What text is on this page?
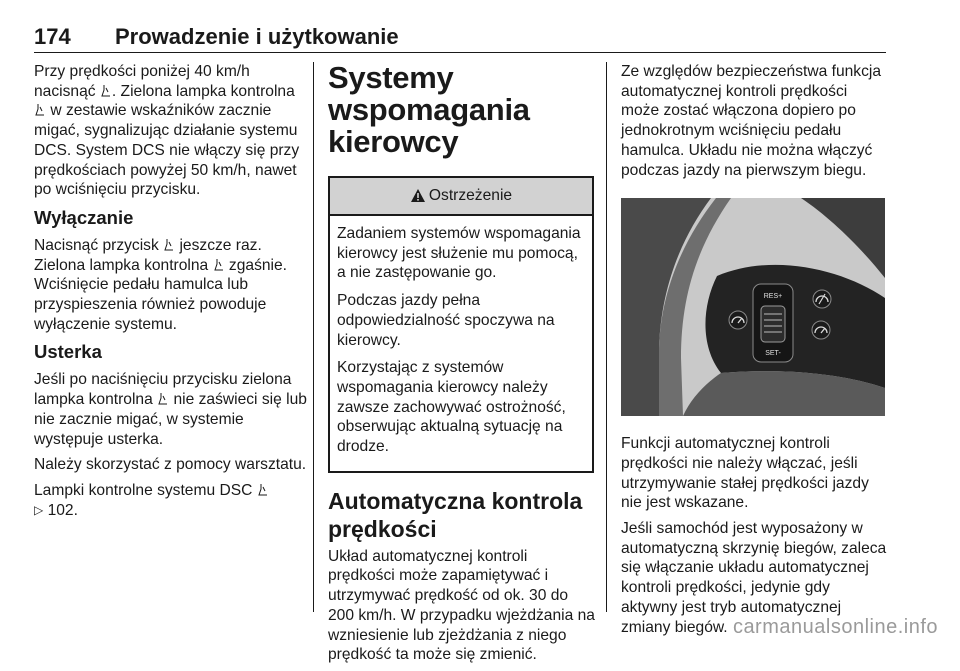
174 Prowadzenie i użytkowanie

Przy prędkości poniżej 40 km/h nacisnąć . Zielona lampka kontrolna  w zestawie wskaźników zacznie migać, sygnalizując działanie systemu DCS. System DCS nie włączy się przy prędkościach powyżej 50 km/h, nawet po wciśnięciu przycisku.

Wyłączanie

Nacisnąć przycisk jeszcze raz. Zielona lampka kontrolna zgaśnie. Wciśnięcie pedału hamulca lub przyspieszenia również powoduje wyłączenie systemu.

Usterka

Jeśli po naciśnięciu przycisku zielona lampka kontrolna nie zaświeci się lub nie zacznie migać, w systemie występuje usterka.

Należy skorzystać z pomocy warsztatu.

Lampki kontrolne systemu DSC
▷ 102.

Systemy wspomagania kierowcy
Ostrzeżenie

Zadaniem systemów wspomagania kierowcy jest służenie mu pomocą, a nie zastępowanie go.

Podczas jazdy pełna odpowiedzialność spoczywa na kierowcy.

Korzystając z systemów wspomagania kierowcy należy zawsze zachowywać ostrożność, obserwując aktualną sytuację na drodze.

Automatyczna kontrola prędkości

Układ automatycznej kontroli prędkości może zapamiętywać i utrzymywać prędkość od ok. 30 do 200 km/h. W przypadku wjeżdżania na wzniesienie lub zjeżdżania z niego prędkość ta może się zmienić.

Ze względów bezpieczeństwa funkcja automatycznej kontroli prędkości może zostać włączona dopiero po jednokrotnym wciśnięciu pedału hamulca. Układu nie można włączyć podczas jazdy na pierwszym biegu.

RES+
SET-

Funkcji automatycznej kontroli prędkości nie należy włączać, jeśli utrzymywanie stałej prędkości jazdy nie jest wskazane.

Jeśli samochód jest wyposażony w automatyczną skrzynię biegów, zaleca się włączanie układu automatycznej kontroli prędkości, jedynie gdy aktywny jest tryb automatycznej zmiany biegów. carmanualsonline.info
